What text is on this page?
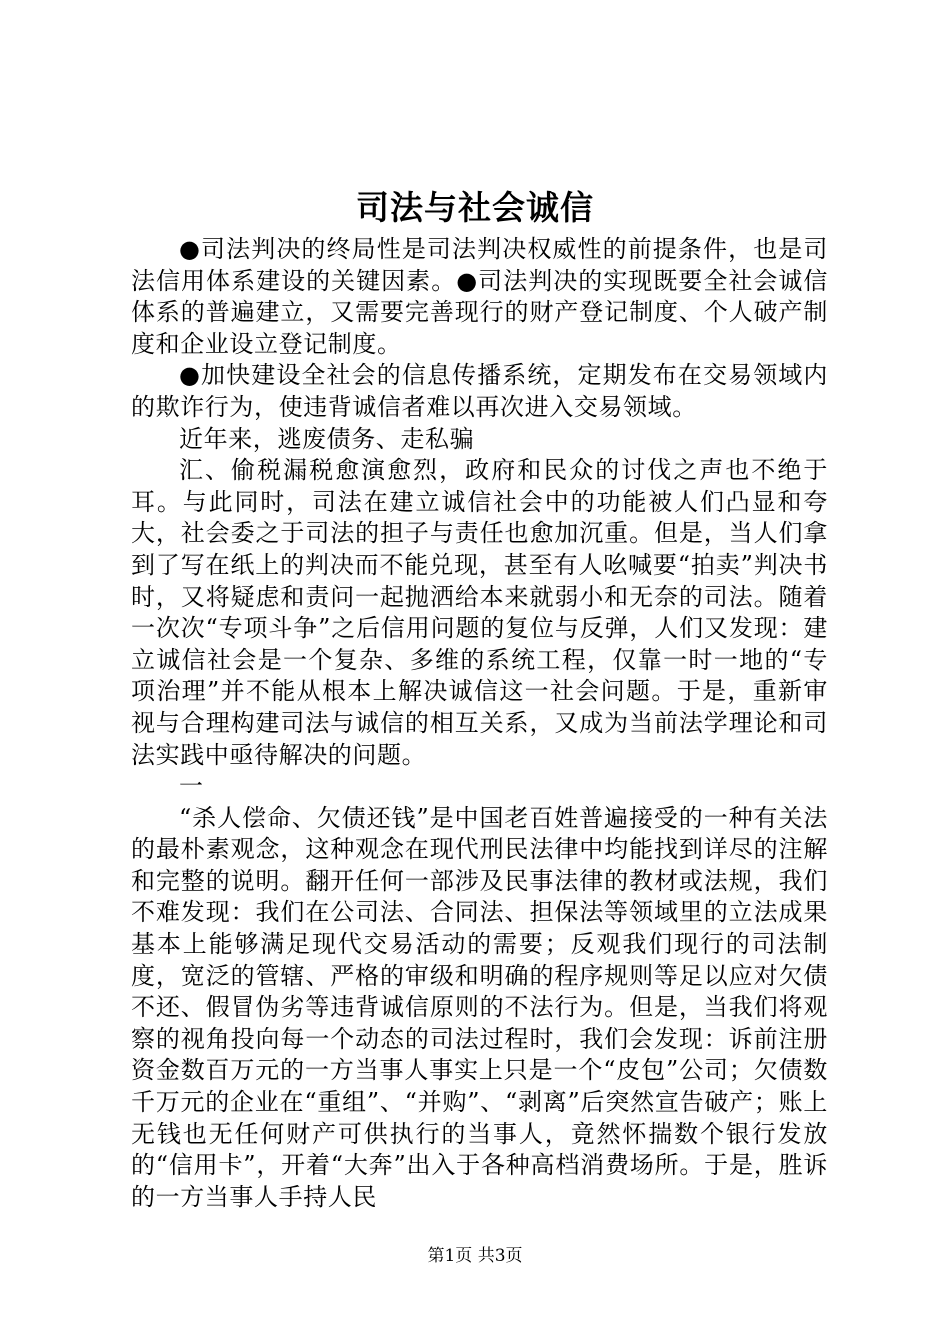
司法与社会诚信

●司法判决的终局性是司法判决权威性的前提条件，也是司法信用体系建设的关键因素。●司法判决的实现既要全社会诚信体系的普遍建立，又需要完善现行的财产登记制度、个人破产制度和企业设立登记制度。

●加快建设全社会的信息传播系统，定期发布在交易领域内的欺诈行为，使违背诚信者难以再次进入交易领域。

近年来，逃废债务、走私骗

汇、偷税漏税愈演愈烈，政府和民众的讨伐之声也不绝于耳。与此同时，司法在建立诚信社会中的功能被人们凸显和夸大，社会委之于司法的担子与责任也愈加沉重。但是，当人们拿到了写在纸上的判决而不能兑现，甚至有人吆喊要“拍卖”判决书时，又将疑虑和责问一起抛洒给本来就弱小和无奈的司法。随着一次次“专项斗争”之后信用问题的复位与反弹，人们又发现：建立诚信社会是一个复杂、多维的系统工程，仅靠一时一地的“专项治理”并不能从根本上解决诚信这一社会问题。于是，重新审视与合理构建司法与诚信的相互关系，又成为当前法学理论和司法实践中亟待解决的问题。

一

“杀人偿命、欠债还钱”是中国老百姓普遍接受的一种有关法的最朴素观念，这种观念在现代刑民法律中均能找到详尽的注解和完整的说明。翻开任何一部涉及民事法律的教材或法规，我们不难发现：我们在公司法、合同法、担保法等领域里的立法成果基本上能够满足现代交易活动的需要；反观我们现行的司法制度，宽泛的管辖、严格的审级和明确的程序规则等足以应对欠债不还、假冒伪劣等违背诚信原则的不法行为。但是，当我们将观察的视角投向每一个动态的司法过程时，我们会发现：诉前注册资金数百万元的一方当事人事实上只是一个“皮包”公司；欠债数千万元的企业在“重组”、“并购”、“剥离”后突然宣告破产；账上无钱也无任何财产可供执行的当事人，竟然怀揣数个银行发放的“信用卡”，开着“大奔”出入于各种高档消费场所。于是，胜诉的一方当事人手持人民

第1页 共3页
